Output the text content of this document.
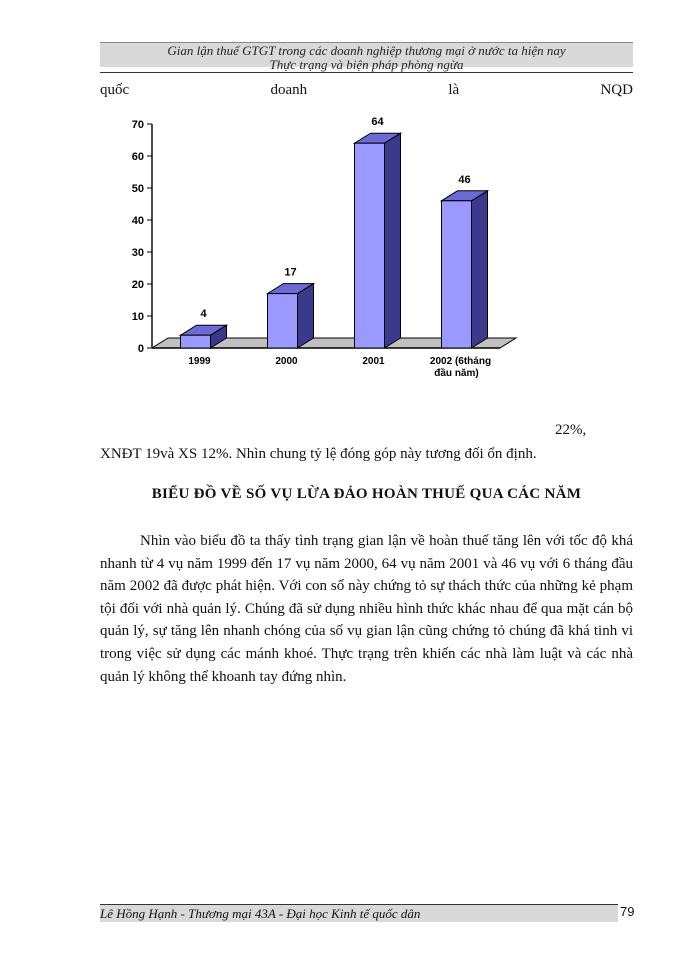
Gian lận thuế GTGT trong các doanh nghiệp thương mại ở nước ta hiện nay
Thực trạng và biện pháp phòng ngừa
quốc	doanh	là	NQD
0
10
20
30
40
50
60
70
4
1999
17
2000
64
2001
46
2002 (6tháng
đầu năm)
22%,
XNĐT 19và XS 12%. Nhìn chung tỷ lệ đóng góp này tương đối ổn định.
BIỂU ĐỒ VỀ SỐ VỤ LỪA ĐẢO HOÀN THUẾ QUA CÁC NĂM

Nhìn vào biểu đồ ta thấy tình trạng gian lận về hoàn thuế tăng lên với tốc độ khá nhanh từ 4 vụ năm 1999 đến 17 vụ năm 2000, 64 vụ năm 2001 và 46 vụ với 6 tháng đầu năm 2002 đã được phát hiện. Với con số này chứng tỏ sự thách thức của những kẻ phạm tội đối với nhà quản lý. Chúng đã sử dụng nhiều hình thức khác nhau để qua mặt cán bộ quản lý, sự tăng lên nhanh chóng của số vụ gian lận cũng chứng tỏ chúng đã khá tinh vi trong việc sử dụng các mánh khoé. Thực trạng trên khiến các nhà làm luật và các nhà quản lý không thể khoanh tay đứng nhìn.

Lê Hồng Hạnh - Thương mại 43A - Đại học Kinh tế quốc dân	79
